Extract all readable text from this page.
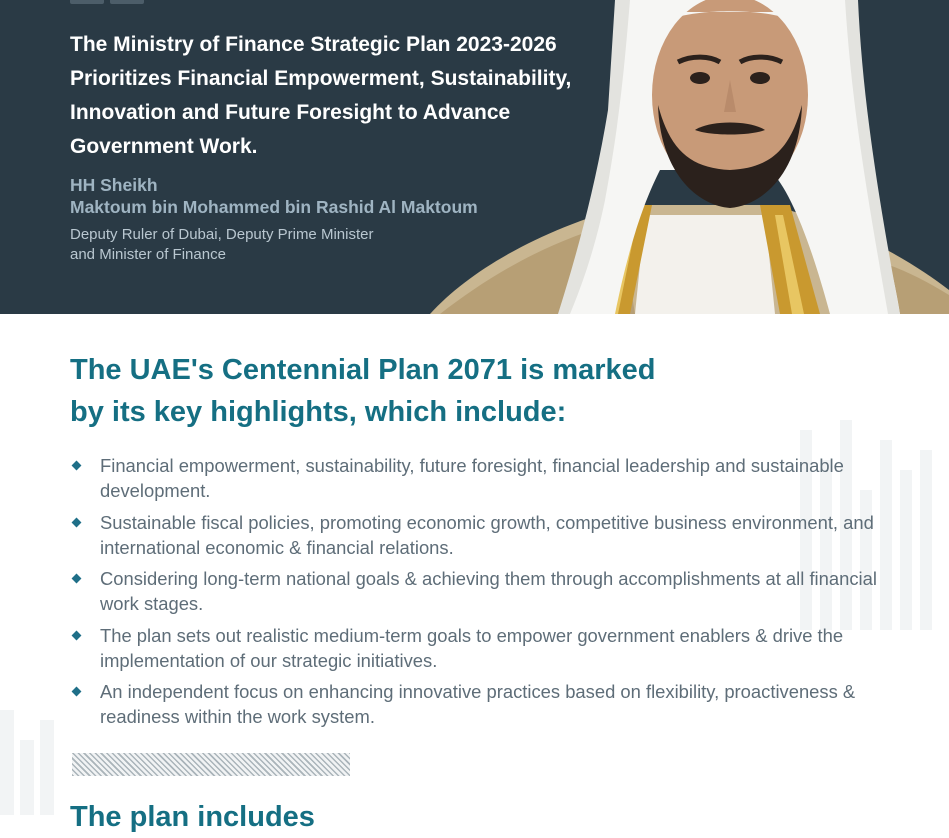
The Ministry of Finance Strategic Plan 2023-2026 Prioritizes Financial Empowerment, Sustainability, Innovation and Future Foresight to Advance Government Work.
HH Sheikh
Maktoum bin Mohammed bin Rashid Al Maktoum
Deputy Ruler of Dubai, Deputy Prime Minister
and Minister of Finance
The UAE's Centennial Plan 2071 is marked
by its key highlights, which include:
Financial empowerment, sustainability, future foresight, financial leadership and sustainable development.
Sustainable fiscal policies, promoting economic growth, competitive business environment, and international economic & financial relations.
Considering long-term national goals & achieving them through accomplishments at all financial work stages.
The plan sets out realistic medium-term goals to empower government enablers & drive the implementation of our strategic initiatives.
An independent focus on enhancing innovative practices based on flexibility, proactiveness & readiness within the work system.
The plan includes
